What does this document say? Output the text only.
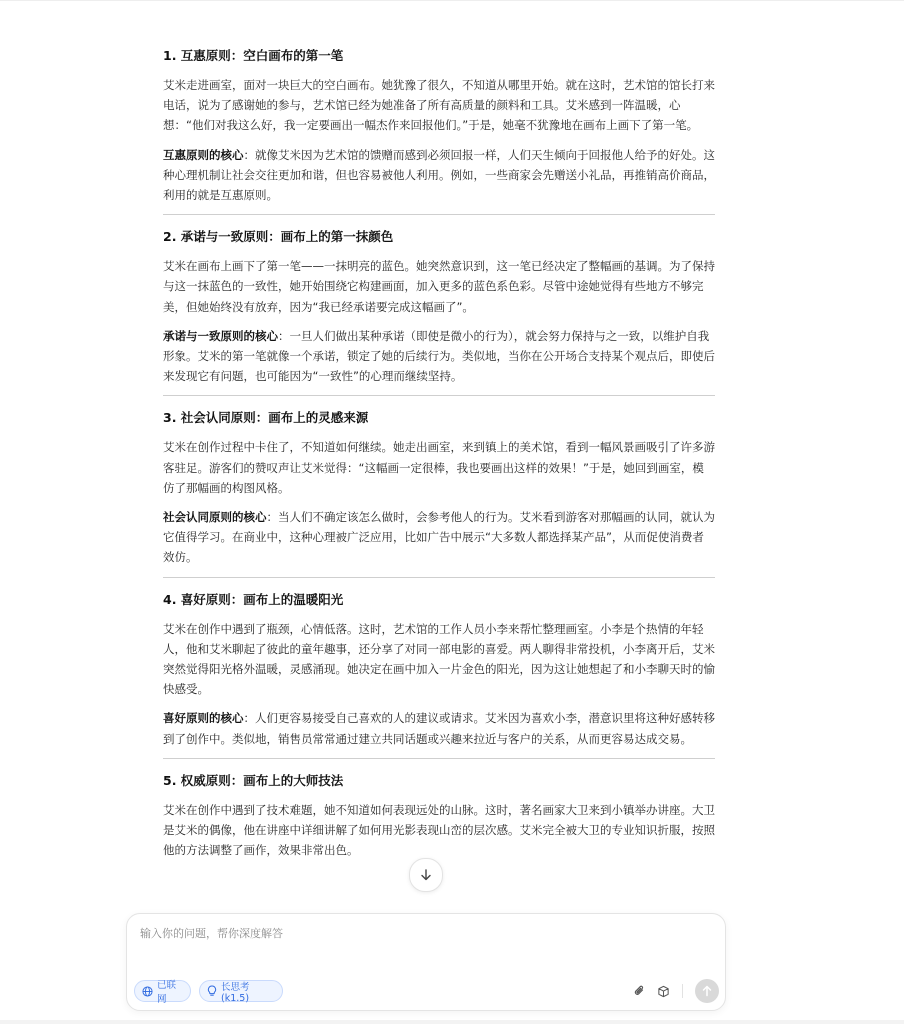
1. 互惠原则：空白画布的第一笔

艾米走进画室，面对一块巨大的空白画布。她犹豫了很久，不知道从哪里开始。就在这时，艺术馆的馆长打来电话，说为了感谢她的参与，艺术馆已经为她准备了所有高质量的颜料和工具。艾米感到一阵温暖，心想：“他们对我这么好，我一定要画出一幅杰作来回报他们。”于是，她毫不犹豫地在画布上画下了第一笔。

互惠原则的核心：就像艾米因为艺术馆的馈赠而感到必须回报一样，人们天生倾向于回报他人给予的好处。这种心理机制让社会交往更加和谐，但也容易被他人利用。例如，一些商家会先赠送小礼品，再推销高价商品，利用的就是互惠原则。

2. 承诺与一致原则：画布上的第一抹颜色

艾米在画布上画下了第一笔——一抹明亮的蓝色。她突然意识到，这一笔已经决定了整幅画的基调。为了保持与这一抹蓝色的一致性，她开始围绕它构建画面，加入更多的蓝色系色彩。尽管中途她觉得有些地方不够完美，但她始终没有放弃，因为“我已经承诺要完成这幅画了”。

承诺与一致原则的核心：一旦人们做出某种承诺（即使是微小的行为），就会努力保持与之一致，以维护自我形象。艾米的第一笔就像一个承诺，锁定了她的后续行为。类似地，当你在公开场合支持某个观点后，即使后来发现它有问题，也可能因为“一致性”的心理而继续坚持。

3. 社会认同原则：画布上的灵感来源

艾米在创作过程中卡住了，不知道如何继续。她走出画室，来到镇上的美术馆，看到一幅风景画吸引了许多游客驻足。游客们的赞叹声让艾米觉得：“这幅画一定很棒，我也要画出这样的效果！”于是，她回到画室，模仿了那幅画的构图风格。

社会认同原则的核心：当人们不确定该怎么做时，会参考他人的行为。艾米看到游客对那幅画的认同，就认为它值得学习。在商业中，这种心理被广泛应用，比如广告中展示“大多数人都选择某产品”，从而促使消费者效仿。

4. 喜好原则：画布上的温暖阳光

艾米在创作中遇到了瓶颈，心情低落。这时，艺术馆的工作人员小李来帮忙整理画室。小李是个热情的年轻人，他和艾米聊起了彼此的童年趣事，还分享了对同一部电影的喜爱。两人聊得非常投机，小李离开后，艾米突然觉得阳光格外温暖，灵感涌现。她决定在画中加入一片金色的阳光，因为这让她想起了和小李聊天时的愉快感受。

喜好原则的核心：人们更容易接受自己喜欢的人的建议或请求。艾米因为喜欢小李，潜意识里将这种好感转移到了创作中。类似地，销售员常常通过建立共同话题或兴趣来拉近与客户的关系，从而更容易达成交易。

5. 权威原则：画布上的大师技法

艾米在创作中遇到了技术难题，她不知道如何表现远处的山脉。这时，著名画家大卫来到小镇举办讲座。大卫是艾米的偶像，他在讲座中详细讲解了如何用光影表现山峦的层次感。艾米完全被大卫的专业知识折服，按照他的方法调整了画作，效果非常出色。

输入你的问题，帮你深度解答
已联网
长思考 (k1.5)
